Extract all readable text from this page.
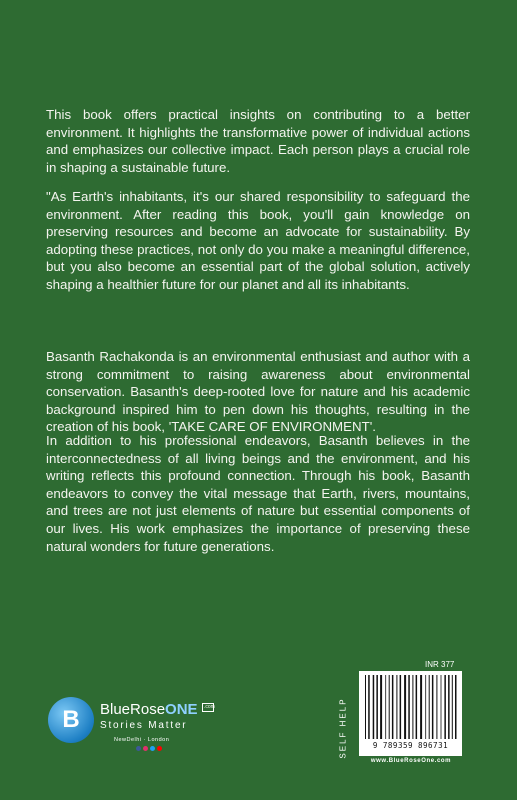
This book offers practical insights on contributing to a better environment. It highlights the transformative power of individual actions and emphasizes our collective impact. Each person plays a crucial role in shaping a sustainable future.

"As Earth's inhabitants, it's our shared responsibility to safeguard the environment. After reading this book, you'll gain knowledge on preserving resources and become an advocate for sustainability. By adopting these practices, not only do you make a meaningful difference, but you also become an essential part of the global solution, actively shaping a healthier future for our planet and all its inhabitants.

Basanth Rachakonda is an environmental enthusiast and author with a strong commitment to raising awareness about environmental conservation. Basanth's deep-rooted love for nature and his academic background inspired him to pen down his thoughts, resulting in the creation of his book, 'TAKE CARE OF ENVIRONMENT'.

In addition to his professional endeavors, Basanth believes in the interconnectedness of all living beings and the environment, and his writing reflects this profound connection. Through his book, Basanth endeavors to convey the vital message that Earth, rivers, mountains, and trees are not just elements of nature but essential components of our lives. His work emphasizes the importance of preserving these natural wonders for future generations.

B BlueRoseONE	.com
Stories Matter
NewDelhi · London	SELF HELP
INR 377
9 789359 896731
www.BlueRoseOne.com
